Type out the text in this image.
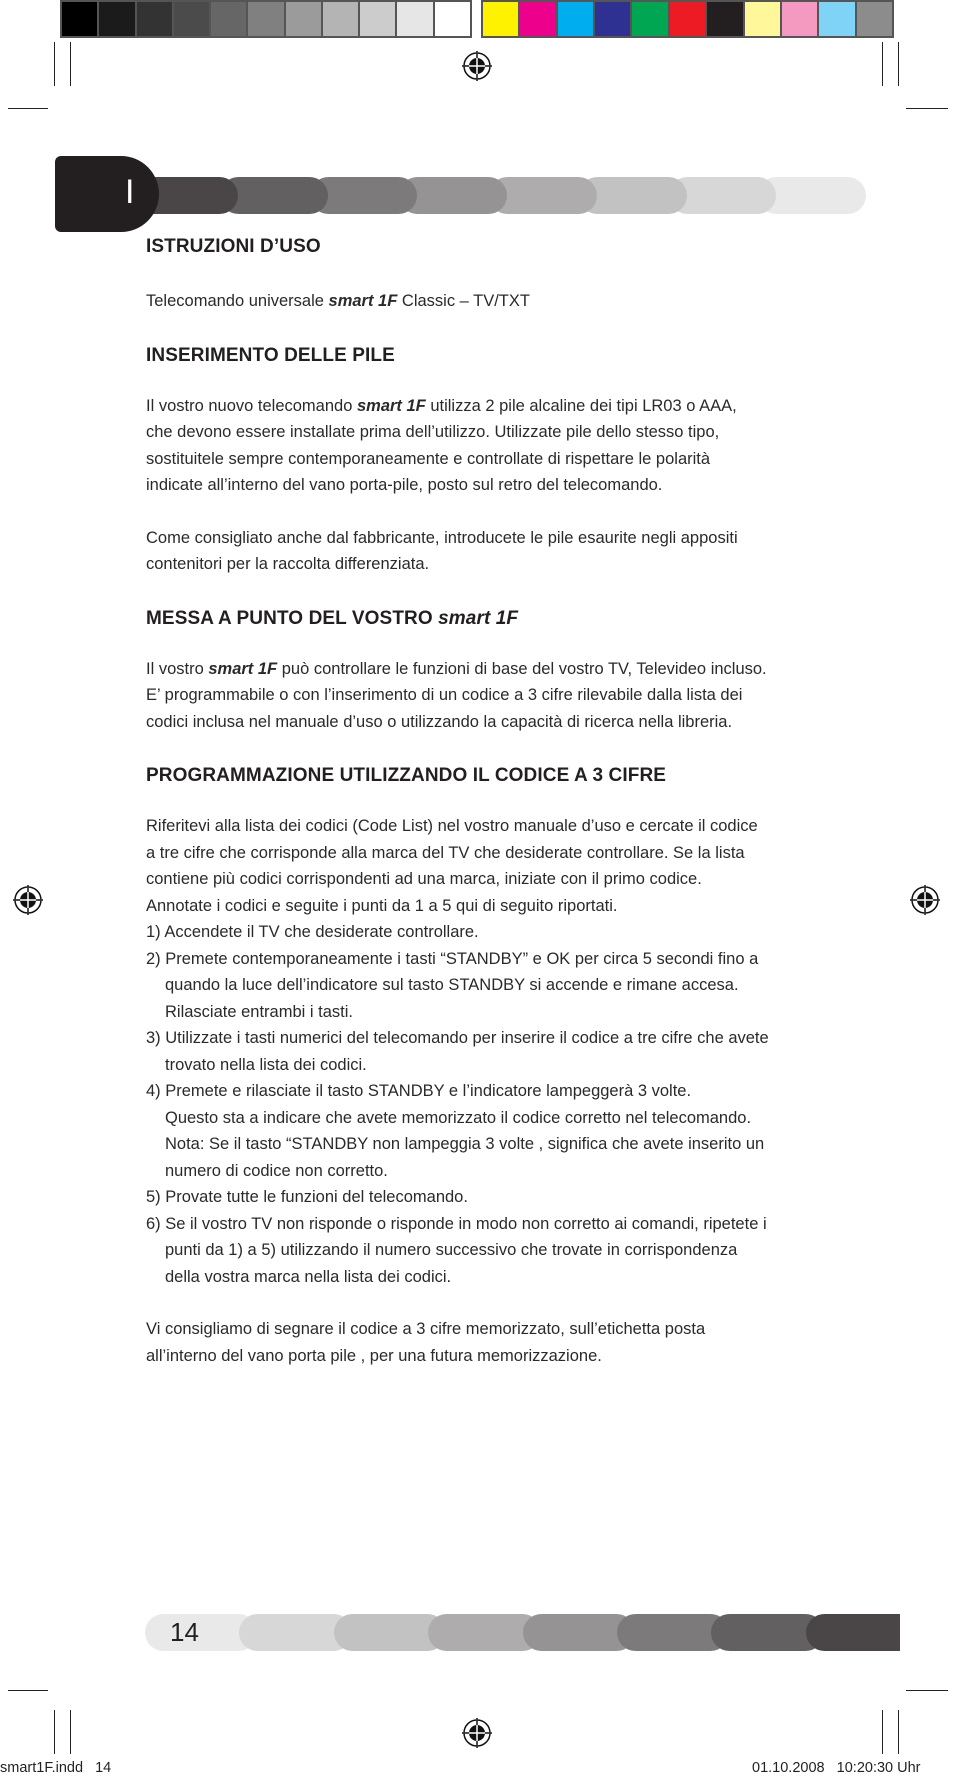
I
ISTRUZIONI D’USO

Telecomando universale smart 1F Classic – TV/TXT

INSERIMENTO DELLE PILE

Il vostro nuovo telecomando smart 1F utilizza 2 pile alcaline dei tipi LR03 o AAA,
che devono essere installate prima dell’utilizzo. Utilizzate pile dello stesso tipo,
sostituitele sempre contemporaneamente e controllate di rispettare le polarità
indicate all’interno del vano porta-pile, posto sul retro del telecomando.

Come consigliato anche dal fabbricante, introducete le pile esaurite negli appositi
contenitori per la raccolta differenziata.

MESSA A PUNTO DEL VOSTRO smart 1F

Il vostro smart 1F può controllare le funzioni di base del vostro TV, Televideo incluso.
E’ programmabile o con l’inserimento di un codice a 3 cifre rilevabile dalla lista dei
codici inclusa nel manuale d’uso o utilizzando la capacità di ricerca nella libreria.

PROGRAMMAZIONE UTILIZZANDO IL CODICE A 3 CIFRE

Riferitevi alla lista dei codici (Code List) nel vostro manuale d’uso e cercate il codice
a tre cifre che corrisponde alla marca del TV che desiderate controllare. Se la lista
contiene più codici corrispondenti ad una marca, iniziate con il primo codice.
Annotate i codici e seguite i punti da 1 a 5 qui di seguito riportati.

1) Accendete il TV che desiderate controllare.
2) Premete contemporaneamente i tasti “STANDBY” e OK per circa 5 secondi fino a
quando la luce dell’indicatore sul tasto STANDBY si accende e rimane accesa.
Rilasciate entrambi i tasti.
3) Utilizzate i tasti numerici del telecomando per inserire il codice a tre cifre che avete
trovato nella lista dei codici.
4) Premete e rilasciate il tasto STANDBY e l’indicatore lampeggerà 3 volte.
Questo sta a indicare che avete memorizzato il codice corretto nel telecomando.
Nota: Se il tasto “STANDBY non lampeggia 3 volte , significa che avete inserito un
numero di codice non corretto.
5) Provate tutte le funzioni del telecomando.
6) Se il vostro TV non risponde o risponde in modo non corretto ai comandi, ripetete i
punti da 1) a 5) utilizzando il numero successivo che trovate in corrispondenza
della vostra marca nella lista dei codici.

Vi consigliamo di segnare il codice a 3 cifre memorizzato, sull’etichetta posta
all’interno del vano porta pile , per una futura memorizzazione.

14
smart1F.indd   14	01.10.2008   10:20:30 Uhr
